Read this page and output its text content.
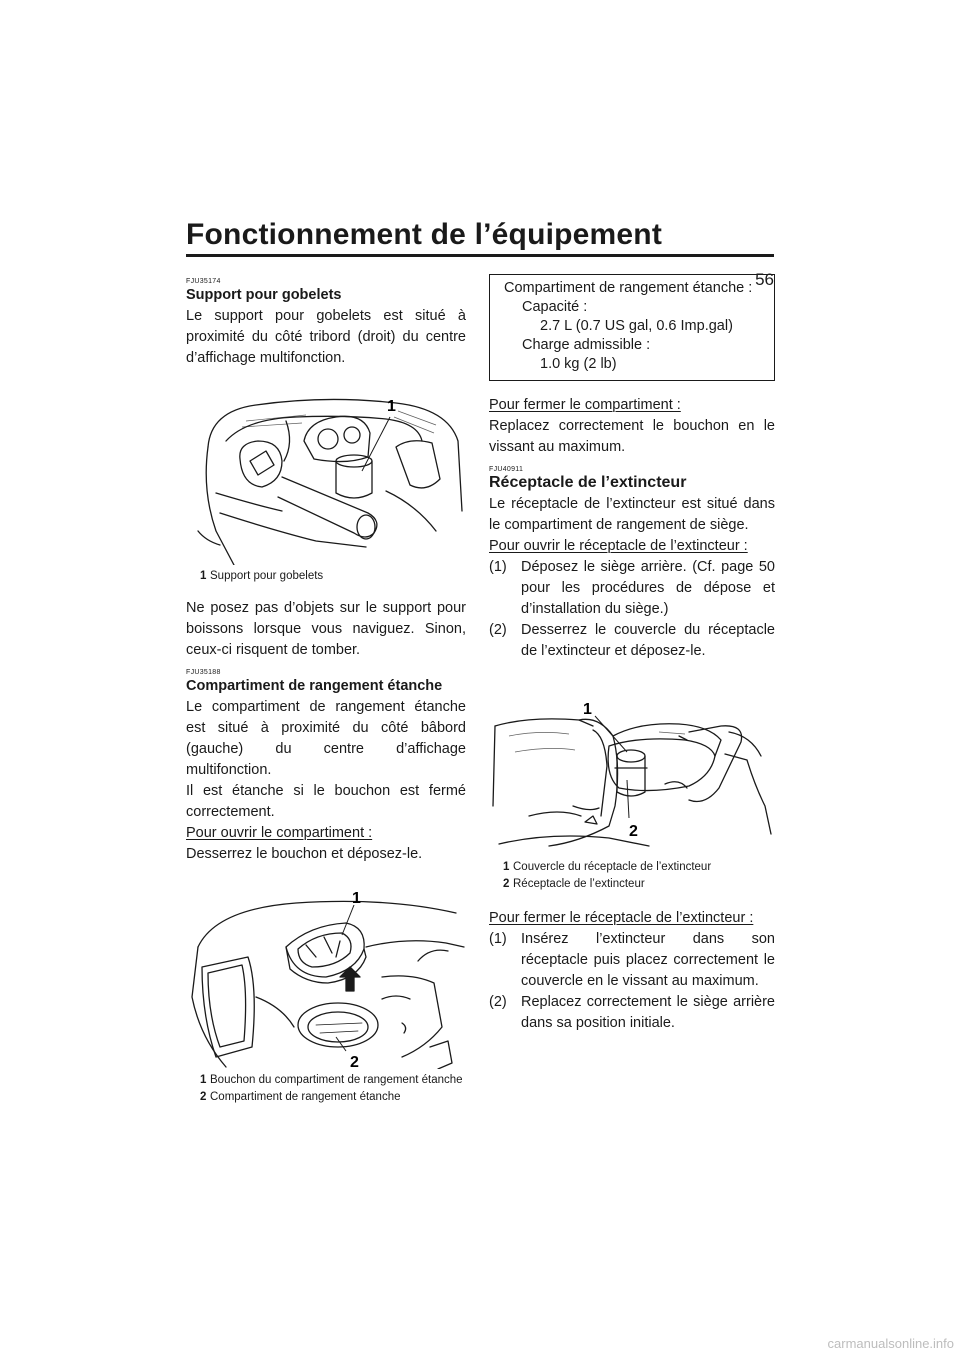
Fonctionnement de l’équipement
56
FJU35174
Support pour gobelets

Le support pour gobelets est situé à proximité du côté tribord (droit) du centre d’affichage multifonction.

1
1 Support pour gobelets

Ne posez pas d’objets sur le support pour boissons lorsque vous naviguez. Sinon, ceux-ci risquent de tomber.

FJU35188
Compartiment de rangement étanche

Le compartiment de rangement étanche est situé à proximité du côté bâbord (gauche) du centre d’affichage multifonction.

Il est étanche si le bouchon est fermé correctement.

Pour ouvrir le compartiment :

Desserrez le bouchon et déposez-le.

1
2
1 Bouchon du compartiment de rangement étanche
2 Compartiment de rangement étanche
Compartiment de rangement étanche :
Capacité :
2.7 L (0.7 US gal, 0.6 Imp.gal)
Charge admissible :
1.0 kg (2 lb)

Pour fermer le compartiment :

Replacez correctement le bouchon en le vissant au maximum.

FJU40911
Réceptacle de l’extincteur

Le réceptacle de l’extincteur est situé dans le compartiment de rangement de siège.

Pour ouvrir le réceptacle de l’extincteur :

(1) Déposez le siège arrière. (Cf. page 50 pour les procédures de dépose et d’installation du siège.)
(2) Desserrez le couvercle du réceptacle de l’extincteur et déposez-le.
1
2
1 Couvercle du réceptacle de l’extincteur
2 Réceptacle de l’extincteur

Pour fermer le réceptacle de l’extincteur :

(1) Insérez l’extincteur dans son réceptacle puis placez correctement le couvercle en le vissant au maximum.
(2) Replacez correctement le siège arrière dans sa position initiale.
carmanualsonline.info
